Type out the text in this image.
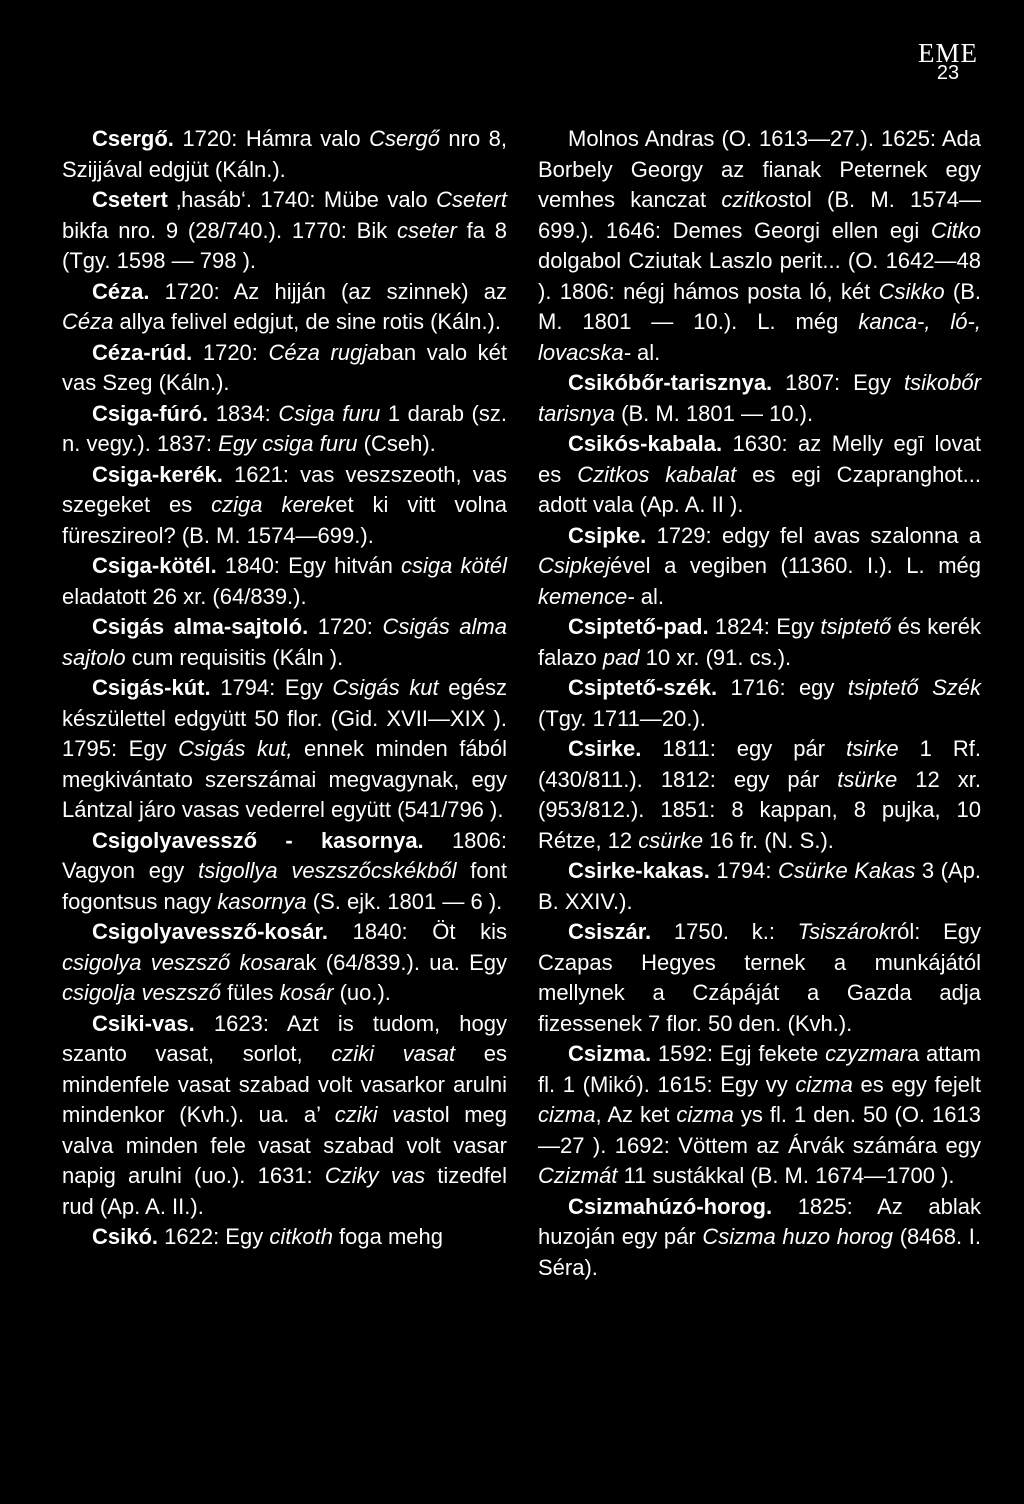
EME
23

Csergő. 1720: Hámra valo Csergő nro 8, Szijjával edgjüt (Káln.).

Csetert ‚hasáb‘. 1740: Mübe valo Csetert bikfa nro. 9 (28/740.). 1770: Bik cseter fa 8 (Tgy. 1598 — 798 ).

Céza. 1720: Az hijján (az szinnek) az Céza allya felivel edgjut, de sine rotis (Káln.).

Céza-rúd. 1720: Céza rugjaban valo két vas Szeg (Káln.).

Csiga-fúró. 1834: Csiga furu 1 darab (sz. n. vegy.). 1837: Egy csiga furu (Cseh).

Csiga-kerék. 1621: vas veszszeoth, vas szegeket es cziga kereket ki vitt volna füreszireol? (B. M. 1574—699.).

Csiga-kötél. 1840: Egy hitván csiga kötél eladatott 26 xr. (64/839.).

Csigás alma-sajtoló. 1720: Csigás alma sajtolo cum requisitis (Káln ).

Csigás-kút. 1794: Egy Csigás kut egész készülettel edgyütt 50 flor. (Gid. XVII—XIX ). 1795: Egy Csigás kut, ennek minden fából megkivántato szerszámai megvagynak, egy Lántzal járo vasas vederrel együtt (541/796 ).

Csigolyavessző - kasornya. 1806: Vagyon egy tsigollya veszszőcskékből font fogontsus nagy kasornya (S. ejk. 1801 — 6 ).

Csigolyavessző-kosár. 1840: Öt kis csigolya veszsző kosarak (64/839.). ua. Egy csigolja veszsző füles kosár (uo.).

Csiki-vas. 1623: Azt is tudom, hogy szanto vasat, sorlot, cziki vasat es mindenfele vasat szabad volt vasarkor arulni mindenkor (Kvh.). ua. a’ cziki vastol meg valva minden fele vasat szabad volt vasar napig arulni (uo.). 1631: Cziky vas tizedfel rud (Ap. A. II.).

Csikó. 1622: Egy citkoth foga mehg

Molnos Andras (O. 1613—27.). 1625: Ada Borbely Georgy az fianak Peternek egy vemhes kanczat czitkostol (B. M. 1574—699.). 1646: Demes Georgi ellen egi Citko dolgabol Cziutak Laszlo perit... (O. 1642—48 ). 1806: négj hámos posta ló, két Csikko (B. M. 1801 — 10.). L. még kanca-, ló-, lovacska- al.

Csikóbőr-tarisznya. 1807: Egy tsikobőr tarisnya (B. M. 1801 — 10.).

Csikós-kabala. 1630: az Melly egī lovat es Czitkos kabalat es egi Czapranghot... adott vala (Ap. A. II ).

Csipke. 1729: edgy fel avas szalonna a Csipkejével a vegiben (11360. I.). L. még kemence- al.

Csiptető-pad. 1824: Egy tsiptető és kerék falazo pad 10 xr. (91. cs.).

Csiptető-szék. 1716: egy tsiptető Szék (Tgy. 1711—20.).

Csirke. 1811: egy pár tsirke 1 Rf. (430/811.). 1812: egy pár tsürke 12 xr. (953/812.). 1851: 8 kappan, 8 pujka, 10 Rétze, 12 csürke 16 fr. (N. S.).

Csirke-kakas. 1794: Csürke Kakas 3 (Ap. B. XXIV.).

Csiszár. 1750. k.: Tsiszárokról: Egy Czapas Hegyes ternek a munkájától mellynek a Czápáját a Gazda adja fizessenek 7 flor. 50 den. (Kvh.).

Csizma. 1592: Egj fekete czyzmara attam fl. 1 (Mikó). 1615: Egy vy cizma es egy fejelt cizma, Az ket cizma ys fl. 1 den. 50 (O. 1613—27 ). 1692: Vöttem az Árvák számára egy Czizmát 11 sustákkal (B. M. 1674—1700 ).

Csizmahúzó-horog. 1825: Az ablak huzoján egy pár Csizma huzo horog (8468. I. Séra).
